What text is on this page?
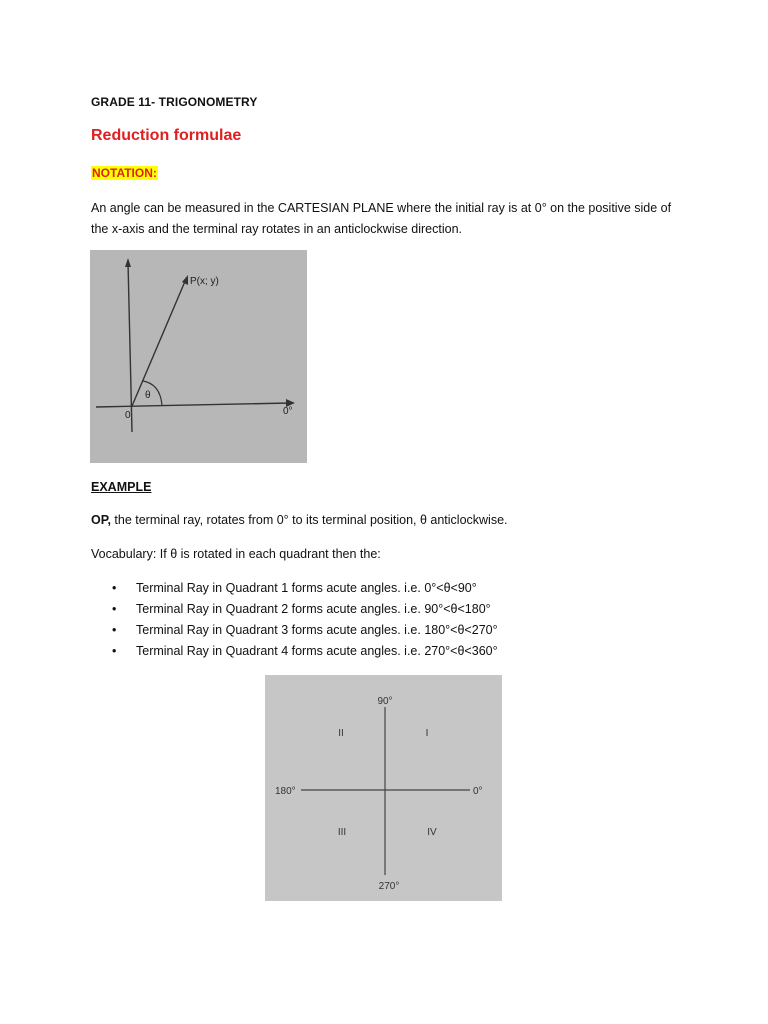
GRADE 11- TRIGONOMETRY
Reduction formulae
NOTATION:
An angle can be measured in the CARTESIAN PLANE where the initial ray is at 0° on the positive side of the x-axis and the terminal ray rotates in an anticlockwise direction.
P(x; y)
θ
0	0°
EXAMPLE
OP, the terminal ray, rotates from 0° to its terminal position, θ anticlockwise.
Vocabulary: If θ is rotated in each quadrant then the:
• Terminal Ray in Quadrant 1 forms acute angles. i.e. 0°<θ<90°
• Terminal Ray in Quadrant 2 forms acute angles. i.e. 90°<θ<180°
• Terminal Ray in Quadrant 3 forms acute angles. i.e. 180°<θ<270°
• Terminal Ray in Quadrant 4 forms acute angles. i.e. 270°<θ<360°
90°
180°	0°
270°
I
II
III	IV
